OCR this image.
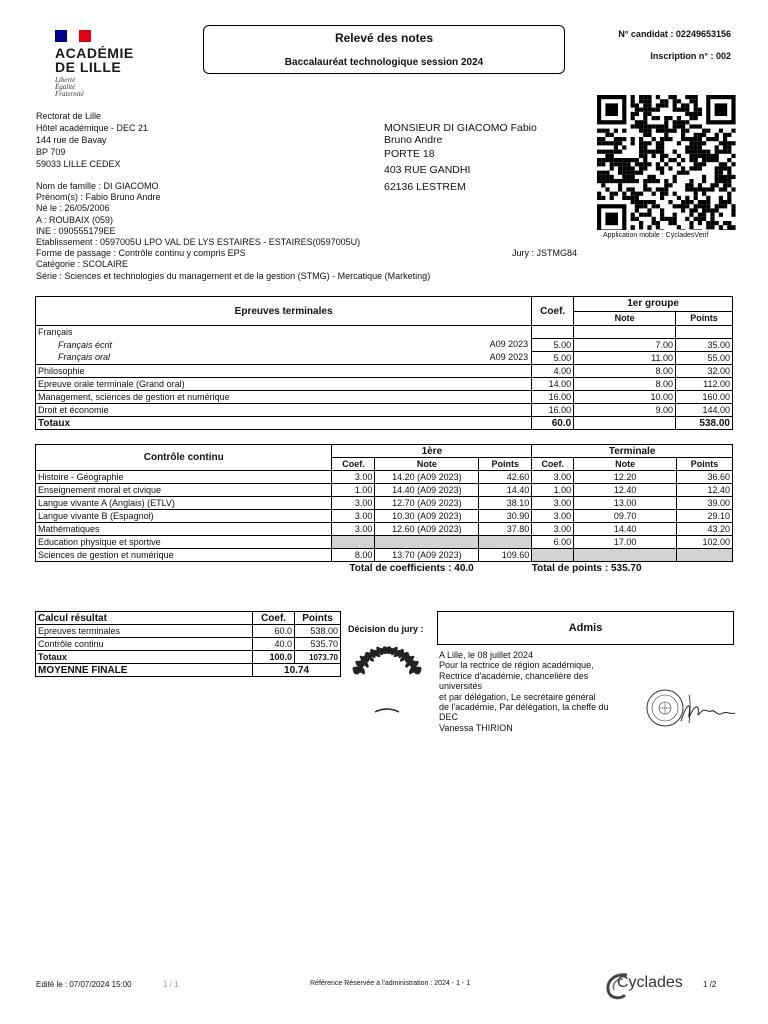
ACADÉMIE
DE LILLE
Liberté
Égalité
Fraternité
Relevé des notes
Baccalauréat technologique session 2024
N° candidat : 02249653156
Inscription n° : 002
Application mobile : CycladesVerif
Rectorat de Lille
Hôtel académique - DEC 21
144 rue de Bavay
BP 709
59033 LILLE CEDEX
MONSIEUR DI GIACOMO Fabio
Bruno Andre
PORTE 18
403 RUE GANDHI
62136 LESTREM
Nom de famille : DI GIACOMO
Prénom(s) : Fabio Bruno Andre
Né le : 26/05/2006
A : ROUBAIX (059)
INE : 090555179EE
Etablissement : 0597005U LPO VAL DE LYS ESTAIRES - ESTAIRES(0597005U)
Forme de passage : Contrôle continu y compris EPS	Jury : JSTMG84
Catégorie : SCOLAIRE
Série : Sciences et technologies du management et de la gestion (STMG) - Mercatique (Marketing)
Epreuves terminales	Coef.	1er groupe	
		Note	Points
Français			
Français écrit A09 2023	5.00	7.00	35.00
Français oral A09 2023	5.00	11.00	55.00
Philosophie	4.00	8.00	32.00
Epreuve orale terminale (Grand oral)	14.00	8.00	112.00
Management, sciences de gestion et numérique	16.00	10.00	160.00
Droit et économie	16.00	9.00	144.00
Totaux	60.0		538.00
Contrôle continu	1ère			Terminale		
	Coef.	Note	Points	Coef.	Note	Points
Histoire - Géographie	3.00	14.20 (A09 2023)	42.60	3.00	12.20	36.60
Enseignement moral et civique	1.00	14.40 (A09 2023)	14.40	1.00	12.40	12.40
Langue vivante A (Anglais) (ETLV)	3.00	12.70 (A09 2023)	38.10	3.00	13.00	39.00
Langue vivante B (Espagnol)	3.00	10.30 (A09 2023)	30.90	3.00	09.70	29.10
Mathématiques	3.00	12.60 (A09 2023)	37.80	3.00	14.40	43.20
Education physique et sportive				6.00	17.00	102.00
Sciences de gestion et numérique	8.00	13.70 (A09 2023)	109.60			
Total de coefficients : 40.0				Total de points : 535.70		
Calcul résultat	Coef.	Points
Epreuves terminales	60.0	538.00
Contrôle continu	40.0	535.70
Totaux	100.0	1073.70
MOYENNE FINALE	10.74	
Décision du jury :	Admis
A Lille, le 08 juillet 2024
Pour la rectrice de région académique,
Rectrice d'académie, chancelière des
universités
et par délégation, Le secrétaire général
de l'académie, Par délégation, la cheffe du
DEC
Vanessa THIRION
Edité le : 07/07/2024 15:00	1 / 1	Référence Réservée à l'administration : 2024 - 1 - 1	Cyclades	1 /2
